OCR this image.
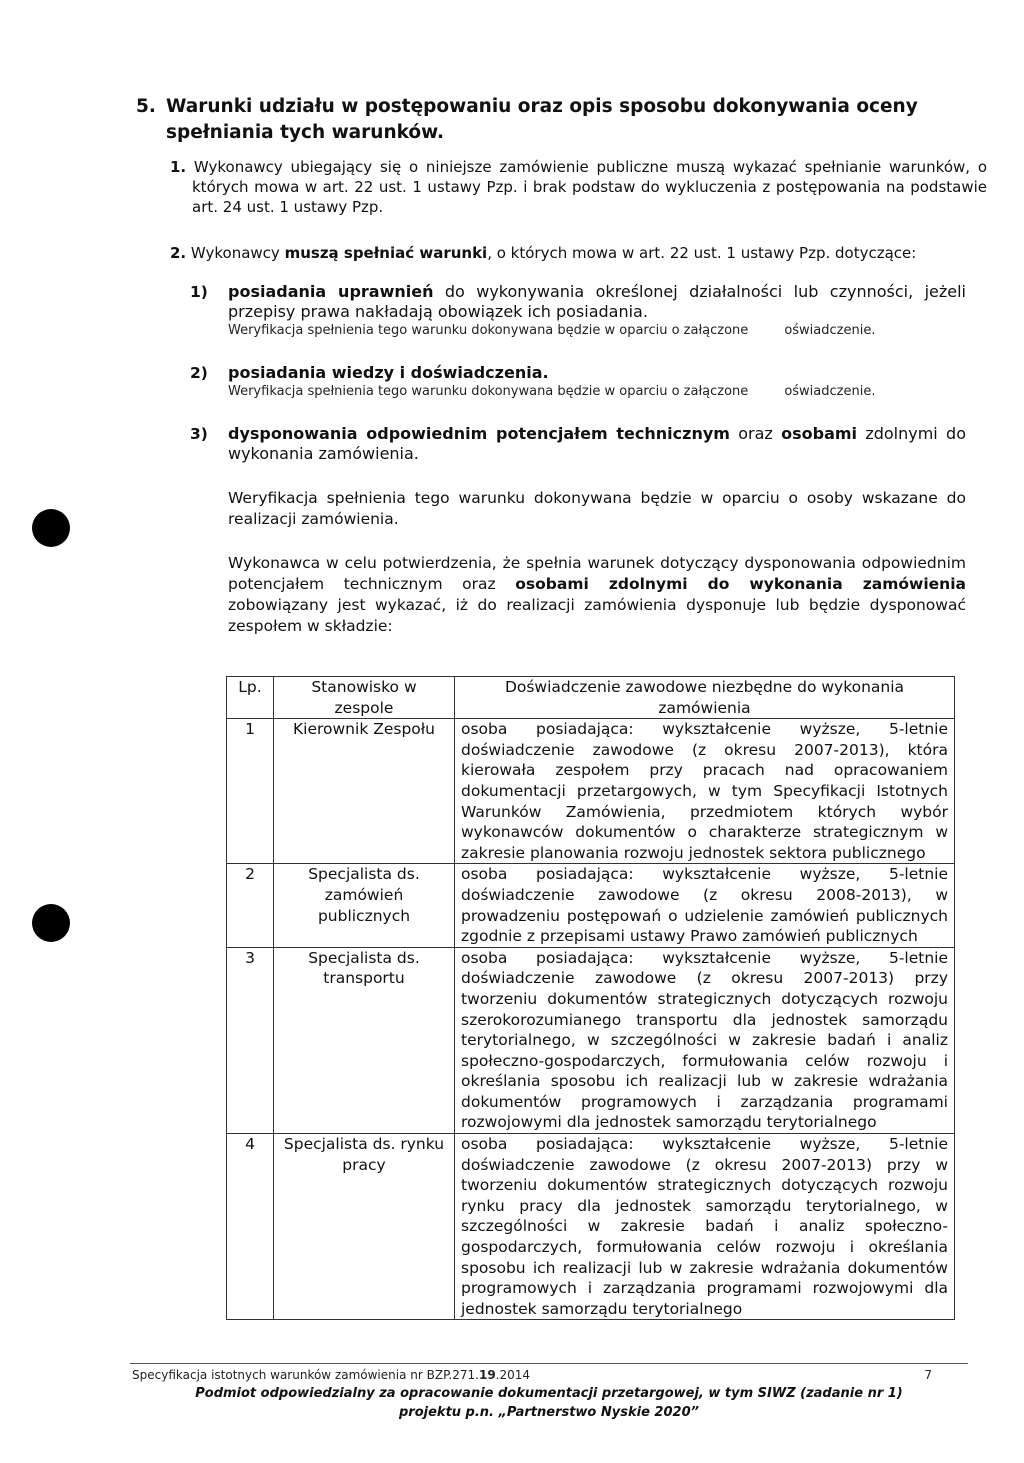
5. Warunki udziału w postępowaniu oraz opis sposobu dokonywania oceny spełniania tych warunków.
1. Wykonawcy ubiegający się o niniejsze zamówienie publiczne muszą wykazać spełnianie warunków, o których mowa w art. 22 ust. 1 ustawy Pzp. i brak podstaw do wykluczenia z postępowania na podstawie art. 24 ust. 1 ustawy Pzp.
2. Wykonawcy muszą spełniać warunki, o których mowa w art. 22 ust. 1 ustawy Pzp. dotyczące:
1) posiadania uprawnień do wykonywania określonej działalności lub czynności, jeżeli przepisy prawa nakładają obowiązek ich posiadania.
Weryfikacja spełnienia tego warunku dokonywana będzie w oparciu o załączone	oświadczenie.
2) posiadania wiedzy i doświadczenia.
Weryfikacja spełnienia tego warunku dokonywana będzie w oparciu o załączone	oświadczenie.
3) dysponowania odpowiednim potencjałem technicznym oraz osobami zdolnymi do wykonania zamówienia.
Weryfikacja spełnienia tego warunku dokonywana będzie w oparciu o osoby wskazane do realizacji zamówienia.
Wykonawca w celu potwierdzenia, że spełnia warunek dotyczący dysponowania odpowiednim potencjałem technicznym oraz osobami zdolnymi do wykonania zamówienia zobowiązany jest wykazać, iż do realizacji zamówienia dysponuje lub będzie dysponować zespołem w składzie:
Lp.	Stanowisko w zespole	Doświadczenie zawodowe niezbędne do wykonania zamówienia
1	Kierownik Zespołu	osoba posiadająca: wykształcenie wyższe, 5-letnie doświadczenie zawodowe (z okresu 2007-2013), która kierowała zespołem przy pracach nad opracowaniem dokumentacji przetargowych, w tym Specyfikacji Istotnych Warunków Zamówienia, przedmiotem których wybór wykonawców dokumentów o charakterze strategicznym w zakresie planowania rozwoju jednostek sektora publicznego
2	Specjalista ds. zamówień publicznych	osoba posiadająca: wykształcenie wyższe, 5-letnie doświadczenie zawodowe (z okresu 2008-2013), w prowadzeniu postępowań o udzielenie zamówień publicznych zgodnie z przepisami ustawy Prawo zamówień publicznych
3	Specjalista ds. transportu	osoba posiadająca: wykształcenie wyższe, 5-letnie doświadczenie zawodowe (z okresu 2007-2013) przy tworzeniu dokumentów strategicznych dotyczących rozwoju szerokorozumianego transportu dla jednostek samorządu terytorialnego, w szczególności w zakresie badań i analiz społeczno-gospodarczych, formułowania celów rozwoju i określania sposobu ich realizacji lub w zakresie wdrażania dokumentów programowych i zarządzania programami rozwojowymi dla jednostek samorządu terytorialnego
4	Specjalista ds. rynku pracy	osoba posiadająca: wykształcenie wyższe, 5-letnie doświadczenie zawodowe (z okresu 2007-2013) przy w tworzeniu dokumentów strategicznych dotyczących rozwoju rynku pracy dla jednostek samorządu terytorialnego, w szczególności w zakresie badań i analiz społeczno-gospodarczych, formułowania celów rozwoju i określania sposobu ich realizacji lub w zakresie wdrażania dokumentów programowych i zarządzania programami rozwojowymi dla jednostek samorządu terytorialnego
Specyfikacja istotnych warunków zamówienia nr BZP.271.19.2014	7
Podmiot odpowiedzialny za opracowanie dokumentacji przetargowej, w tym SIWZ (zadanie nr 1)
projektu p.n. „Partnerstwo Nyskie 2020”
